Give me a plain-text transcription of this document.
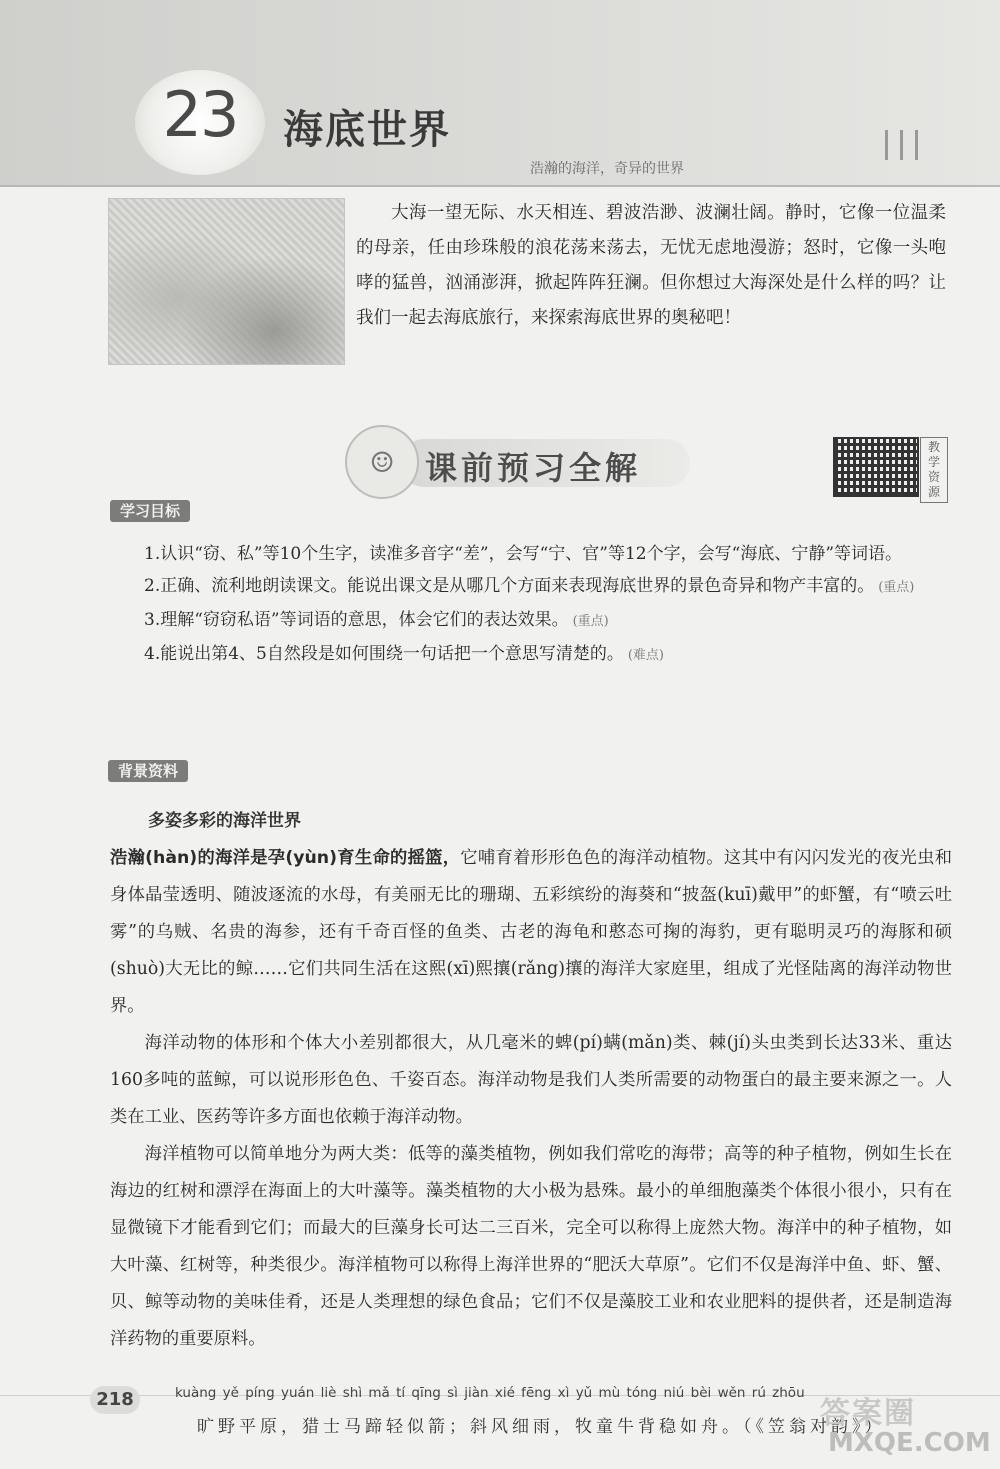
23	海底世界
浩瀚的海洋，奇异的世界
大海一望无际、水天相连、碧波浩渺、波澜壮阔。静时，它像一位温柔的母亲，任由珍珠般的浪花荡来荡去，无忧无虑地漫游；怒时，它像一头咆哮的猛兽，汹涌澎湃，掀起阵阵狂澜。但你想过大海深处是什么样的吗？让我们一起去海底旅行，来探索海底世界的奥秘吧！
☺ 课前预习全解
教学资源
学习目标
1.认识“窃、私”等10个生字，读准多音字“差”，会写“宁、官”等12个字，会写“海底、宁静”等词语。
2.正确、流利地朗读课文。能说出课文是从哪几个方面来表现海底世界的景色奇异和物产丰富的。 (重点)
3.理解“窃窃私语”等词语的意思，体会它们的表达效果。 (重点)
4.能说出第4、5自然段是如何围绕一句话把一个意思写清楚的。 (难点)
背景资料
多姿多彩的海洋世界

浩瀚(hàn)的海洋是孕(yùn)育生命的摇篮，它哺育着形形色色的海洋动植物。这其中有闪闪发光的夜光虫和身体晶莹透明、随波逐流的水母，有美丽无比的珊瑚、五彩缤纷的海葵和“披盔(kuī)戴甲”的虾蟹，有“喷云吐雾”的乌贼、名贵的海参，还有千奇百怪的鱼类、古老的海龟和憨态可掬的海豹，更有聪明灵巧的海豚和硕(shuò)大无比的鲸……它们共同生活在这熙(xī)熙攘(rǎng)攘的海洋大家庭里，组成了光怪陆离的海洋动物世界。

海洋动物的体形和个体大小差别都很大，从几毫米的蜱(pí)螨(mǎn)类、棘(jí)头虫类到长达33米、重达160多吨的蓝鲸，可以说形形色色、千姿百态。海洋动物是我们人类所需要的动物蛋白的最主要来源之一。人类在工业、医药等许多方面也依赖于海洋动物。

海洋植物可以简单地分为两大类：低等的藻类植物，例如我们常吃的海带；高等的种子植物，例如生长在海边的红树和漂浮在海面上的大叶藻等。藻类植物的大小极为悬殊。最小的单细胞藻类个体很小很小，只有在显微镜下才能看到它们；而最大的巨藻身长可达二三百米，完全可以称得上庞然大物。海洋中的种子植物，如大叶藻、红树等，种类很少。海洋植物可以称得上海洋世界的“肥沃大草原”。它们不仅是海洋中鱼、虾、蟹、贝、鲸等动物的美味佳肴，还是人类理想的绿色食品；它们不仅是藻胶工业和农业肥料的提供者，还是制造海洋药物的重要原料。

218	kuàng yě píng yuán liè shì mǎ tí qīng sì jiàn xié fēng xì yǔ mù tóng niú bèi wěn rú zhōu
旷野平原，猎士马蹄轻似箭；斜风细雨，牧童牛背稳如舟。（《笠翁对韵》）
答案圈
MXQE.COM
